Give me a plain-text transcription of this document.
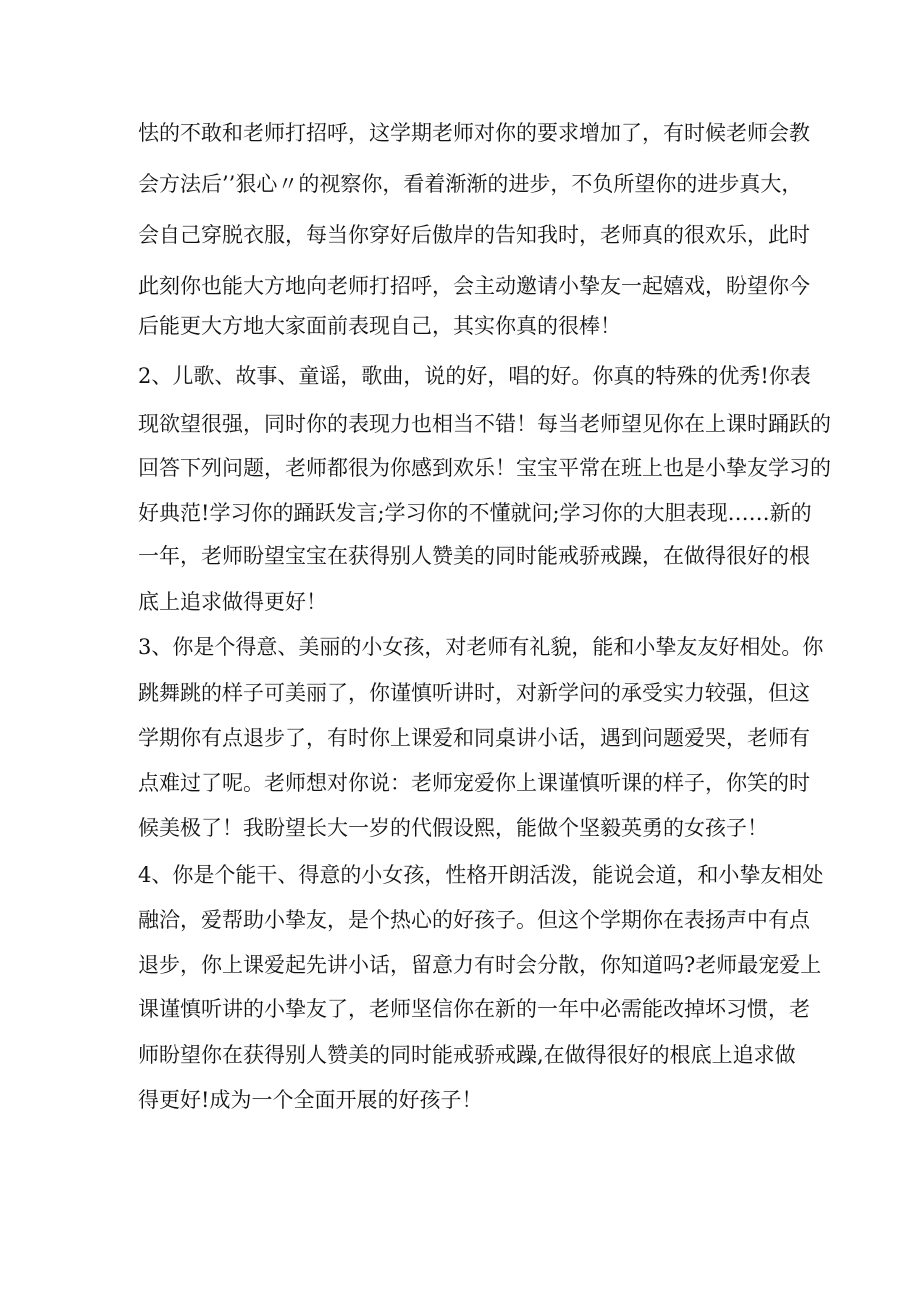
怯的不敢和老师打招呼，这学期老师对你的要求增加了，有时候老师会教
会方法后’’狠心〃的视察你，看着渐渐的进步，不负所望你的进步真大，
会自己穿脱衣服，每当你穿好后傲岸的告知我时，老师真的很欢乐，此时
此刻你也能大方地向老师打招呼，会主动邀请小挚友一起嬉戏，盼望你今
后能更大方地大家面前表现自己，其实你真的很棒！
2、儿歌、故事、童谣，歌曲，说的好，唱的好。你真的特殊的优秀!你表
现欲望很强，同时你的表现力也相当不错！每当老师望见你在上课时踊跃的
回答下列问题，老师都很为你感到欢乐！宝宝平常在班上也是小挚友学习的
好典范!学习你的踊跃发言;学习你的不懂就问;学习你的大胆表现……新的
一年，老师盼望宝宝在获得别人赞美的同时能戒骄戒躁，在做得很好的根
底上追求做得更好！
3、你是个得意、美丽的小女孩，对老师有礼貌，能和小挚友友好相处。你
跳舞跳的样子可美丽了，你谨慎听讲时，对新学问的承受实力较强，但这
学期你有点退步了，有时你上课爱和同桌讲小话，遇到问题爱哭，老师有
点难过了呢。老师想对你说：老师宠爱你上课谨慎听课的样子，你笑的时
候美极了！我盼望长大一岁的代假设熙，能做个坚毅英勇的女孩子！
4、你是个能干、得意的小女孩，性格开朗活泼，能说会道，和小挚友相处
融洽，爱帮助小挚友，是个热心的好孩子。但这个学期你在表扬声中有点
退步，你上课爱起先讲小话，留意力有时会分散，你知道吗?老师最宠爱上
课谨慎听讲的小挚友了，老师坚信你在新的一年中必需能改掉坏习惯，老
师盼望你在获得别人赞美的同时能戒骄戒躁,在做得很好的根底上追求做
得更好!成为一个全面开展的好孩子！
